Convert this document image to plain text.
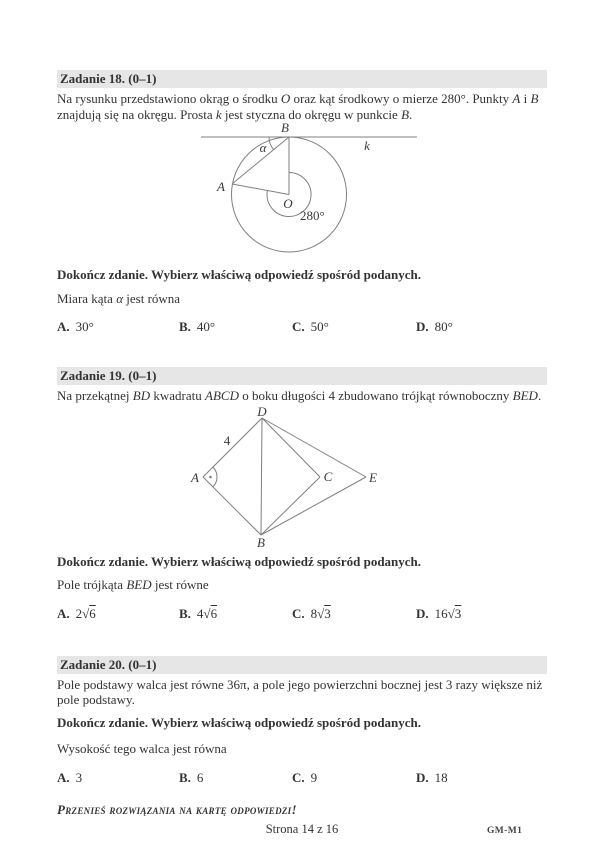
Zadanie 18. (0–1)

Na rysunku przedstawiono okrąg o środku O oraz kąt środkowy o mierze 280°. Punkty A i B
znajdują się na okręgu. Prosta k jest styczna do okręgu w punkcie B.

B
k
α
A
O
280°

Dokończ zdanie. Wybierz właściwą odpowiedź spośród podanych.

Miara kąta α jest równa

A. 30°	B. 40°	C. 50°	D. 80°
Zadanie 19. (0–1)

Na przekątnej BD kwadratu ABCD o boku długości 4 zbudowano trójkąt równoboczny BED.

D
A	C	E
B
4

Dokończ zdanie. Wybierz właściwą odpowiedź spośród podanych.

Pole trójkąta BED jest równe

A. 2√6	B. 4√6	C. 8√3	D. 16√3
Zadanie 20. (0–1)

Pole podstawy walca jest równe 36π, a pole jego powierzchni bocznej jest 3 razy większe niż
pole podstawy.

Dokończ zdanie. Wybierz właściwą odpowiedź spośród podanych.

Wysokość tego walca jest równa

A. 3	B. 6	C. 9	D. 18

Przenieś rozwiązania na kartę odpowiedzi!

Strona 14 z 16	GM-M1
